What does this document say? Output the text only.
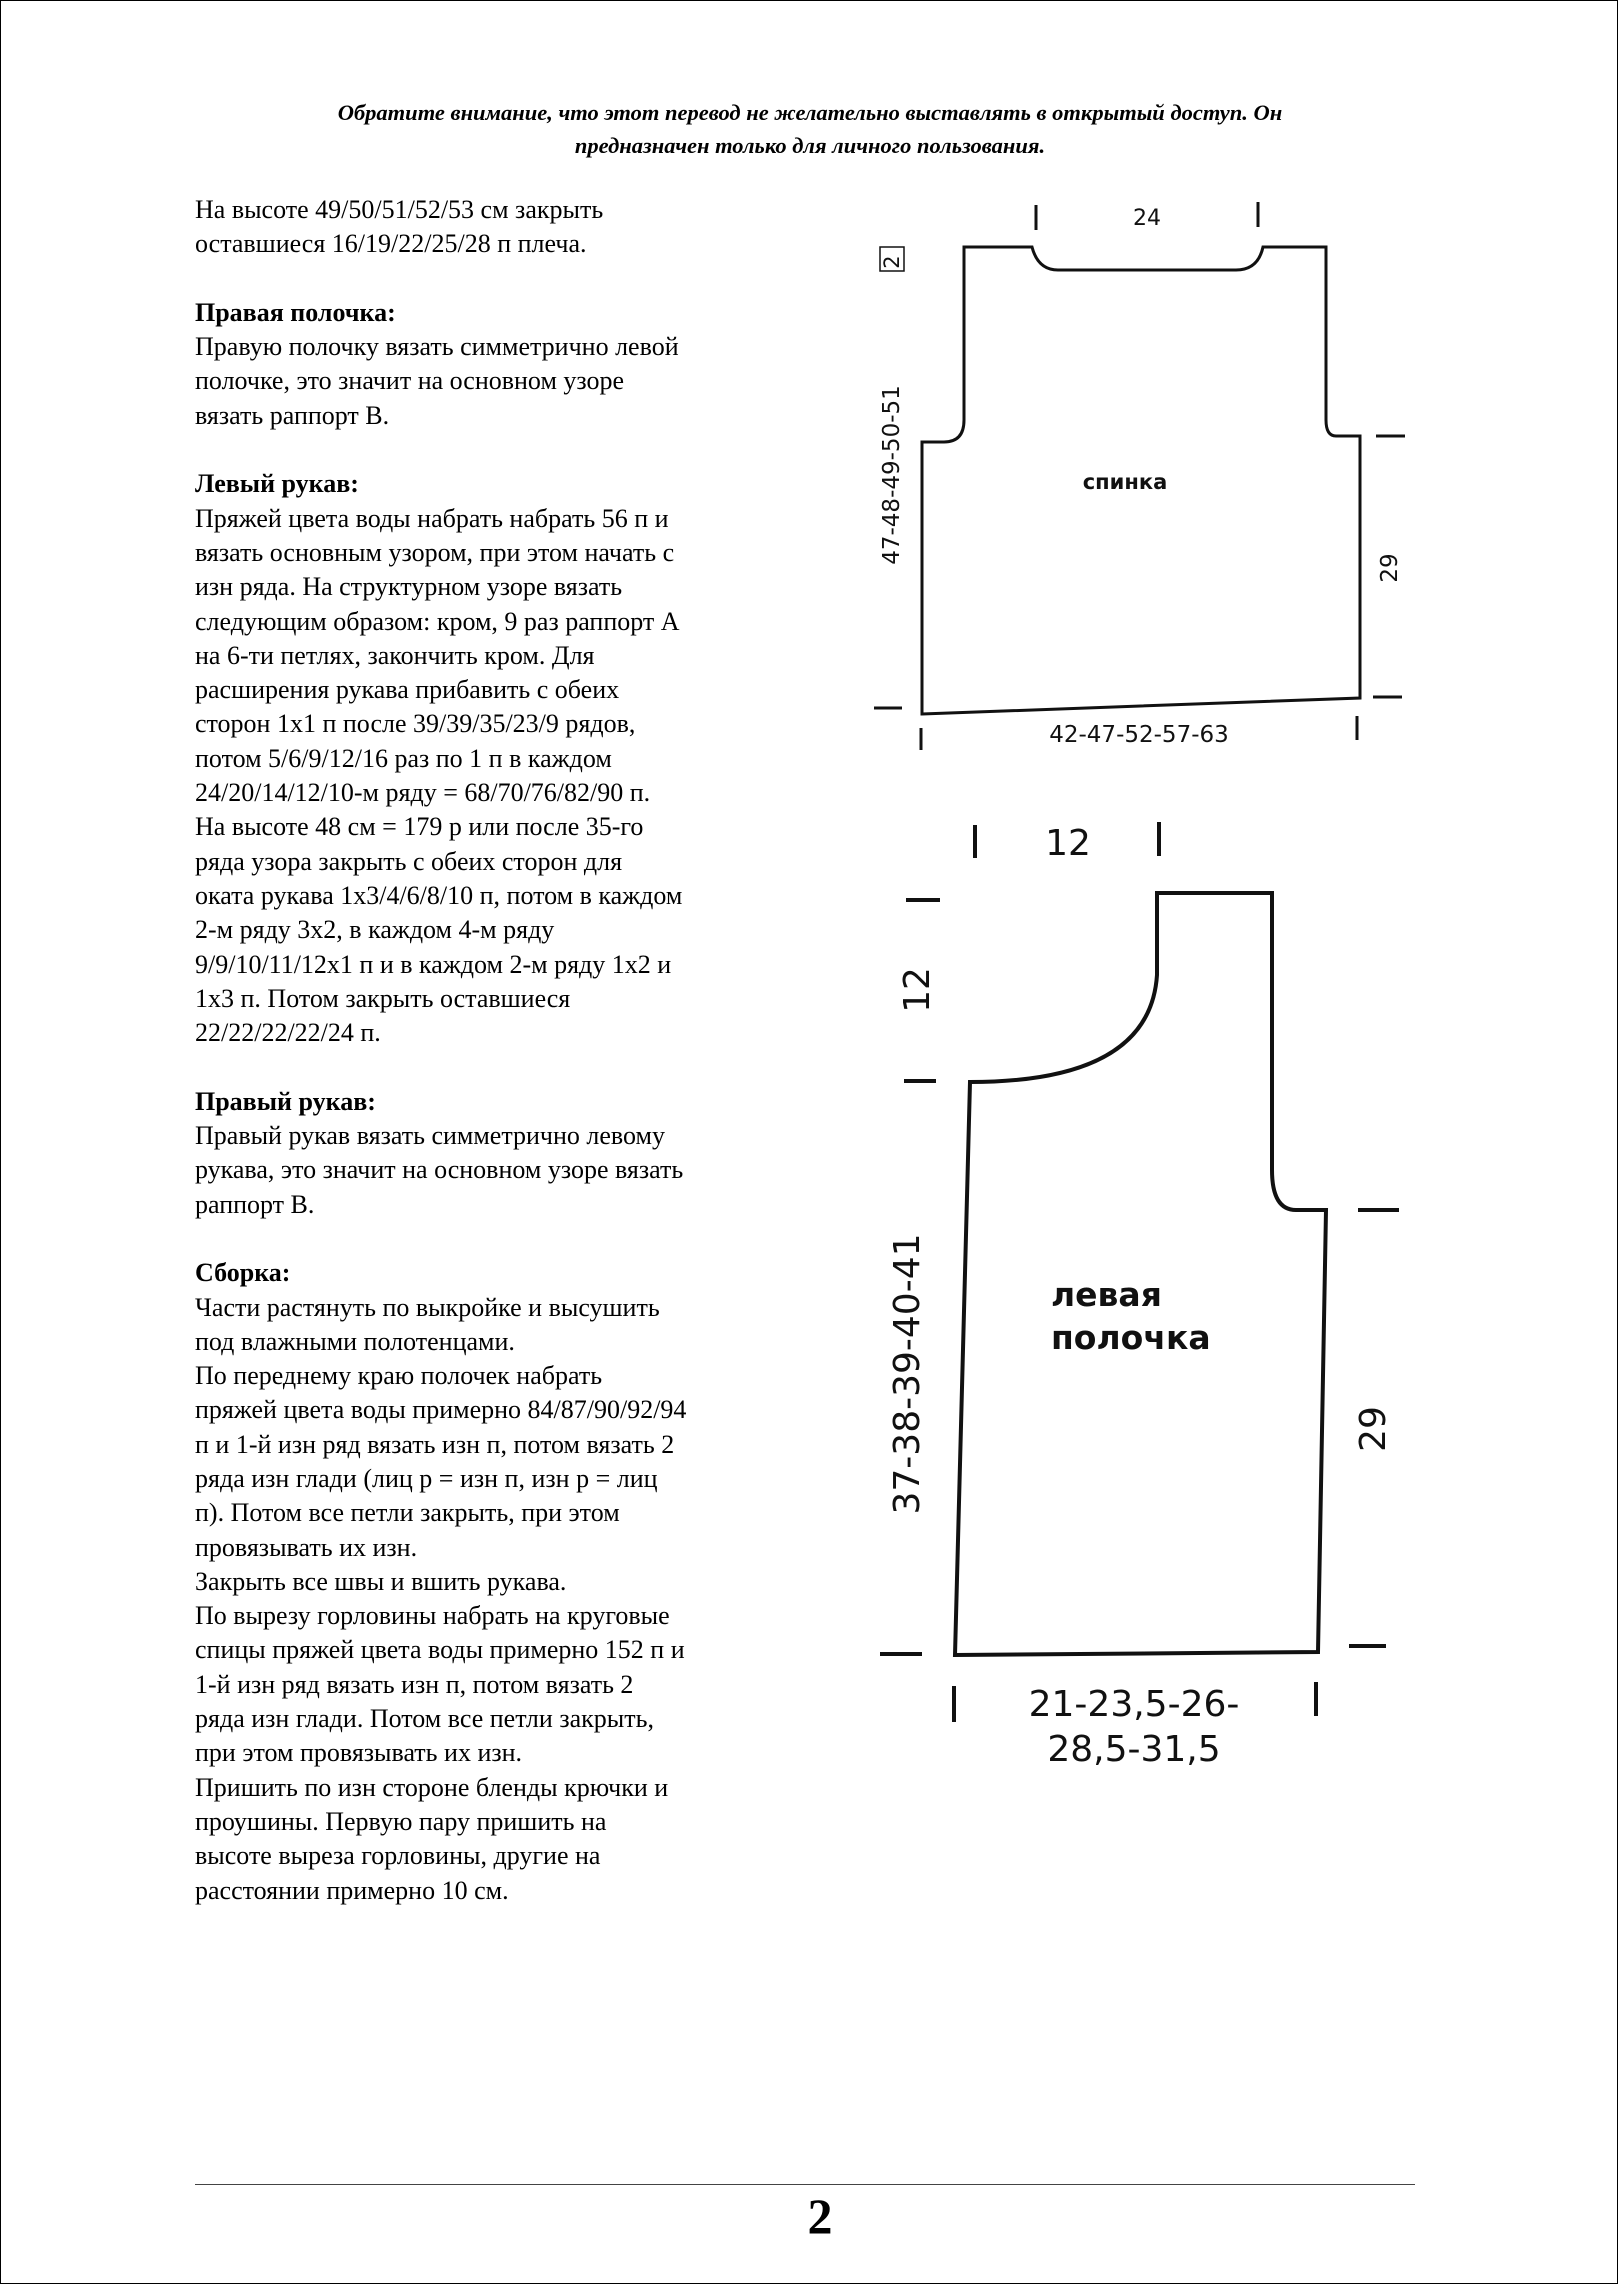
Обратите внимание, что этот перевод не желательно выставлять в открытый доступ. Он
предназначен только для личного пользования.

На высоте 49/50/51/52/53 см закрыть

оставшиеся 16/19/22/25/28 п плеча.

Правая полочка:

Правую полочку вязать симметрично левой

полочке, это значит на основном узоре

вязать раппорт В.

Левый рукав:

Пряжей цвета воды набрать набрать 56 п и

вязать основным узором, при этом начать с

изн ряда. На структурном узоре вязать

следующим образом: кром, 9 раз раппорт А

на 6-ти петлях, закончить кром. Для

расширения рукава прибавить с обеих

сторон 1х1 п после 39/39/35/23/9 рядов,

потом 5/6/9/12/16 раз по 1 п в каждом

24/20/14/12/10-м ряду = 68/70/76/82/90 п.

На высоте 48 см = 179 р или после 35-го

ряда узора закрыть с обеих сторон для

оката рукава 1х3/4/6/8/10 п, потом в каждом

2-м ряду 3х2, в каждом 4-м ряду

9/9/10/11/12х1 п и в каждом 2-м ряду 1х2 и

1х3 п. Потом закрыть оставшиеся

22/22/22/22/24 п.

Правый рукав:

Правый рукав вязать симметрично левому

рукава, это значит на основном узоре вязать

раппорт В.

Сборка:

Части растянуть по выкройке и высушить

под влажными полотенцами.

По переднему краю полочек набрать

пряжей цвета воды примерно 84/87/90/92/94

п и 1-й изн ряд вязать изн п, потом вязать 2

ряда изн глади (лиц р = изн п, изн р = лиц

п). Потом все петли закрыть, при этом

провязывать их изн.

Закрыть все швы и вшить рукава.

По вырезу горловины набрать на круговые

спицы пряжей цвета воды примерно 152 п и

1-й изн ряд вязать изн п, потом вязать 2

ряда изн глади. Потом все петли закрыть,

при этом провязывать их изн.

Пришить по изн стороне бленды крючки и

проушины. Первую пару пришить на

высоте выреза горловины, другие на

расстоянии примерно 10 см.

спинка
24
42-47-52-57-63
47-48-49-50-51
29
2
левая
полочка
12
12
37-38-39-40-41	29
21-23,5-26-
28,5-31,5
2
